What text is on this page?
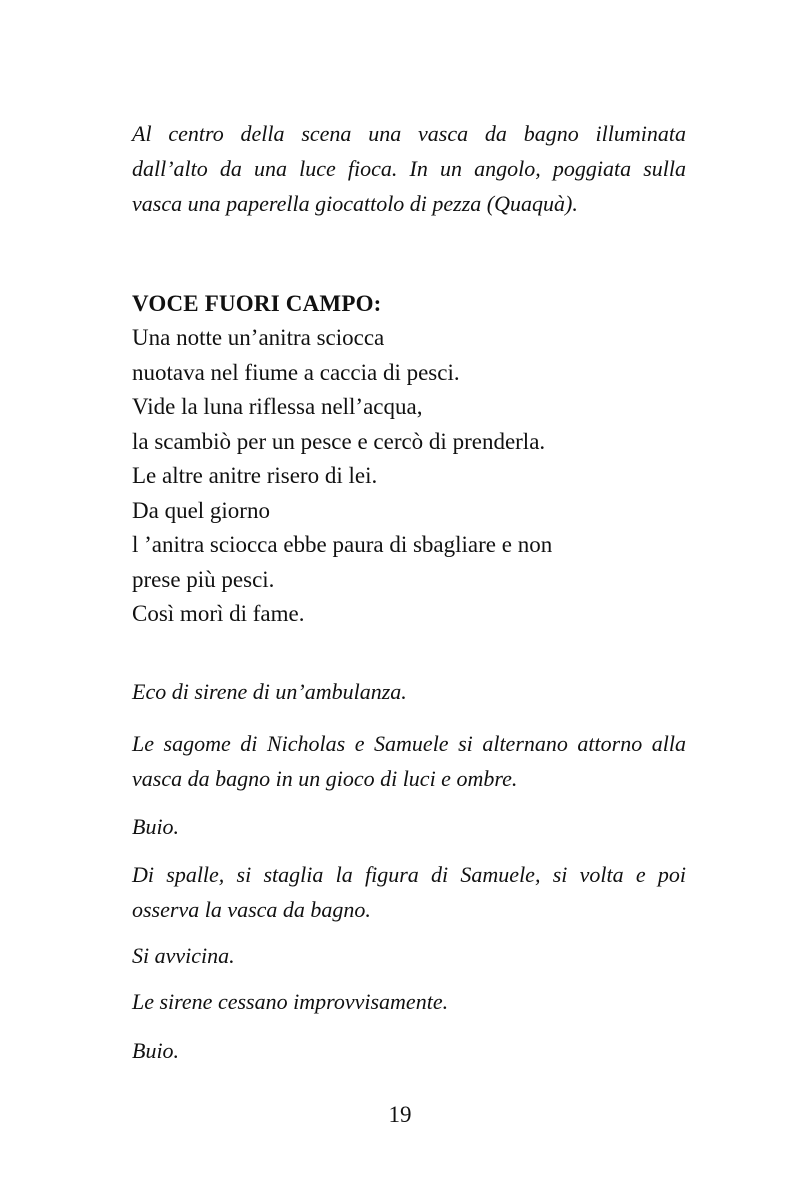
Al centro della scena una vasca da bagno illuminata
dall’alto da una luce fioca. In un angolo, poggiata sulla
vasca una paperella giocattolo di pezza (Quaquà).

VOCE FUORI CAMPO:

Una notte un’anitra sciocca

nuotava nel fiume a caccia di pesci.

Vide la luna riflessa nell’acqua,

la scambiò per un pesce e cercò di prenderla.

Le altre anitre risero di lei.

Da quel giorno

l ’anitra sciocca ebbe paura di sbagliare e non

prese più pesci.

Così morì di fame.

Eco di sirene di un’ambulanza.

Le sagome di Nicholas e Samuele si alternano attorno alla
vasca da bagno in un gioco di luci e ombre.

Buio.

Di spalle, si staglia la figura di Samuele, si volta e poi
osserva la vasca da bagno.

Si avvicina.

Le sirene cessano improvvisamente.

Buio.

19
